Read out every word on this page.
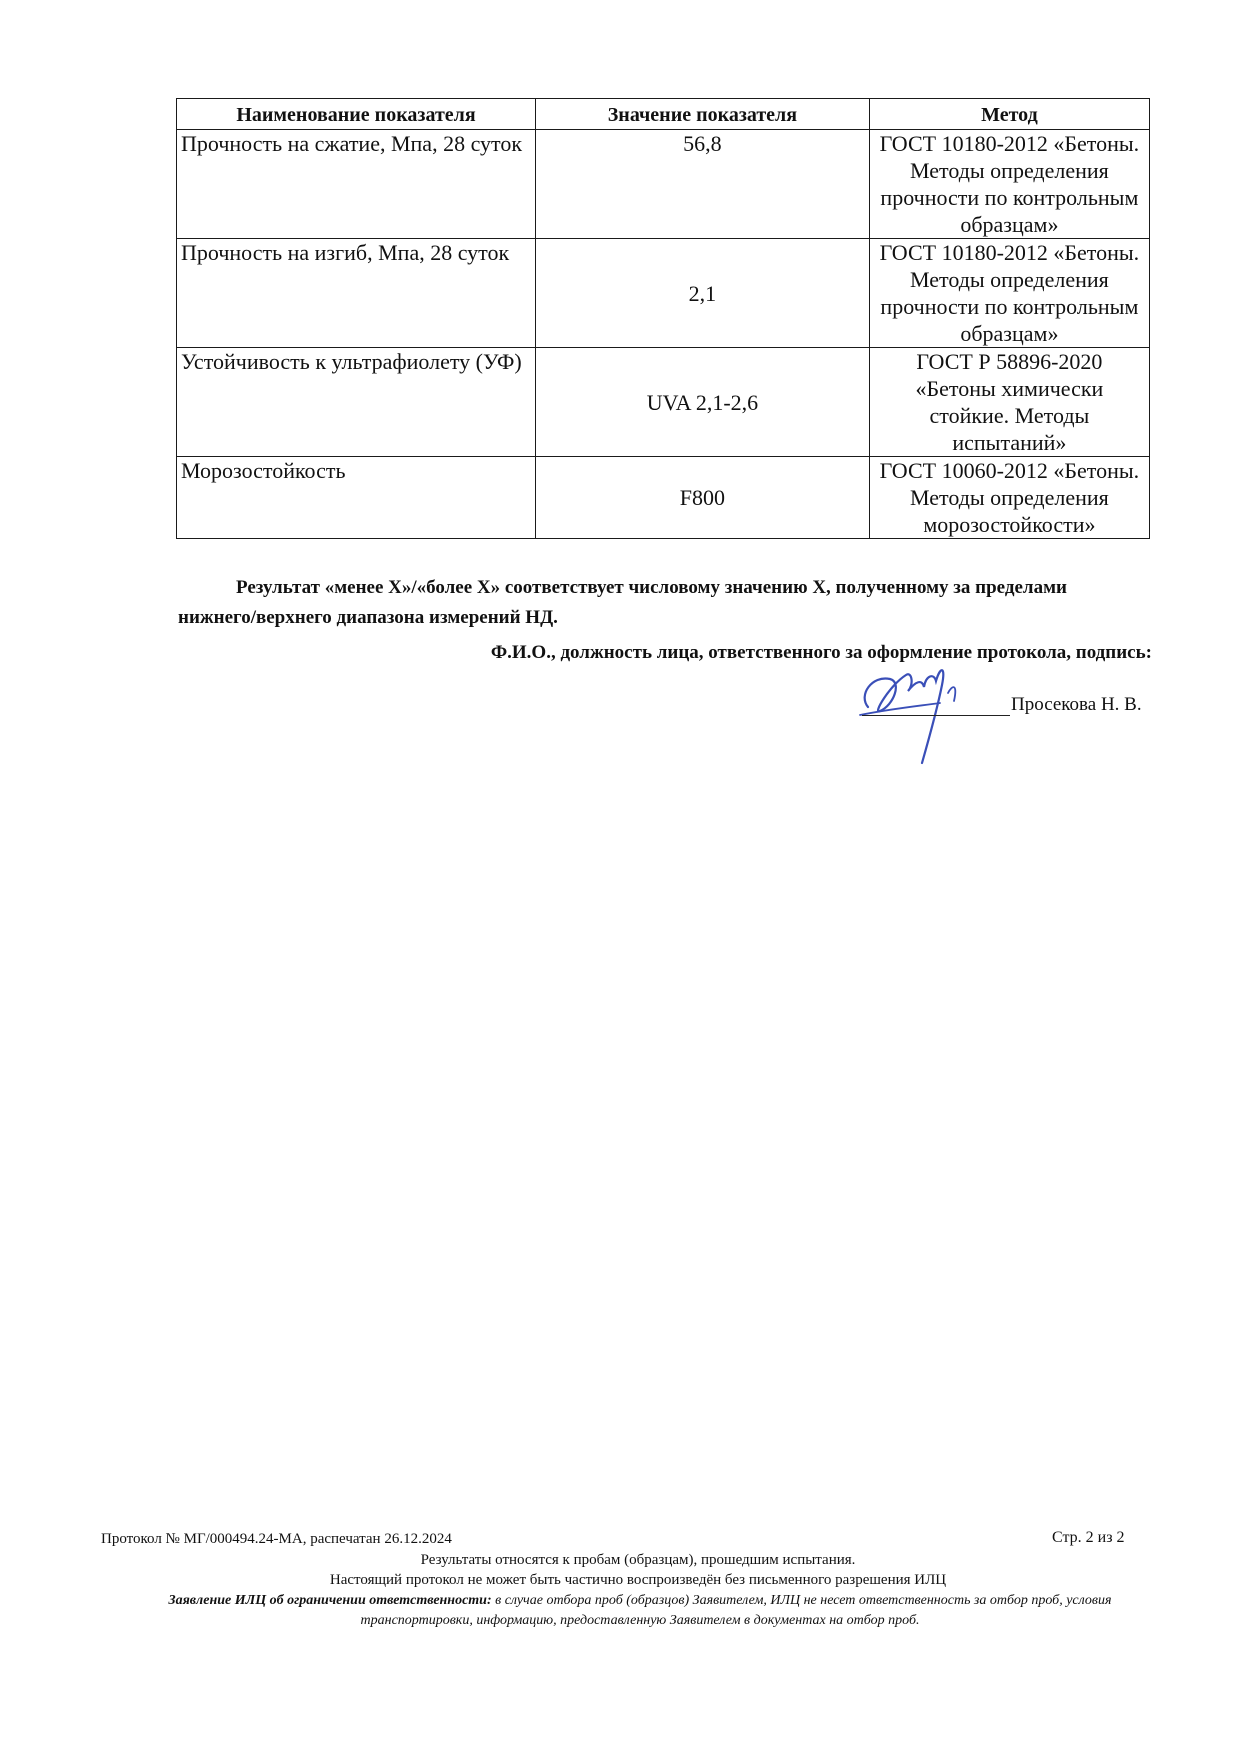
Наименование показателя	Значение показателя	Метод
Прочность на сжатие, Мпа, 28 суток	56,8	ГОСТ 10180-2012 «Бетоны. Методы определения прочности по контрольным образцам»
Прочность на изгиб, Мпа, 28 суток	2,1	ГОСТ 10180-2012 «Бетоны. Методы определения прочности по контрольным образцам»
Устойчивость к ультрафиолету (УФ)	UVA 2,1-2,6	ГОСТ Р 58896-2020 «Бетоны химически стойкие. Методы испытаний»
Морозостойкость	F800	ГОСТ 10060-2012 «Бетоны. Методы определения морозостойкости»
Результат «менее Х»/«более Х» соответствует числовому значению Х, полученному за пределами нижнего/верхнего диапазона измерений НД.
Ф.И.О., должность лица, ответственного за оформление протокола, подпись:
Просекова Н. В.
Протокол № МГ/000494.24-МА, распечатан 26.12.2024	Стр. 2 из 2
Результаты относятся к пробам (образцам), прошедшим испытания.
Настоящий протокол не может быть частично воспроизведён без письменного разрешения ИЛЦ
Заявление ИЛЦ об ограничении ответственности: в случае отбора проб (образцов) Заявителем, ИЛЦ не несет ответственность за отбор проб, условия транспортировки, информацию, предоставленную Заявителем в документах на отбор проб.
